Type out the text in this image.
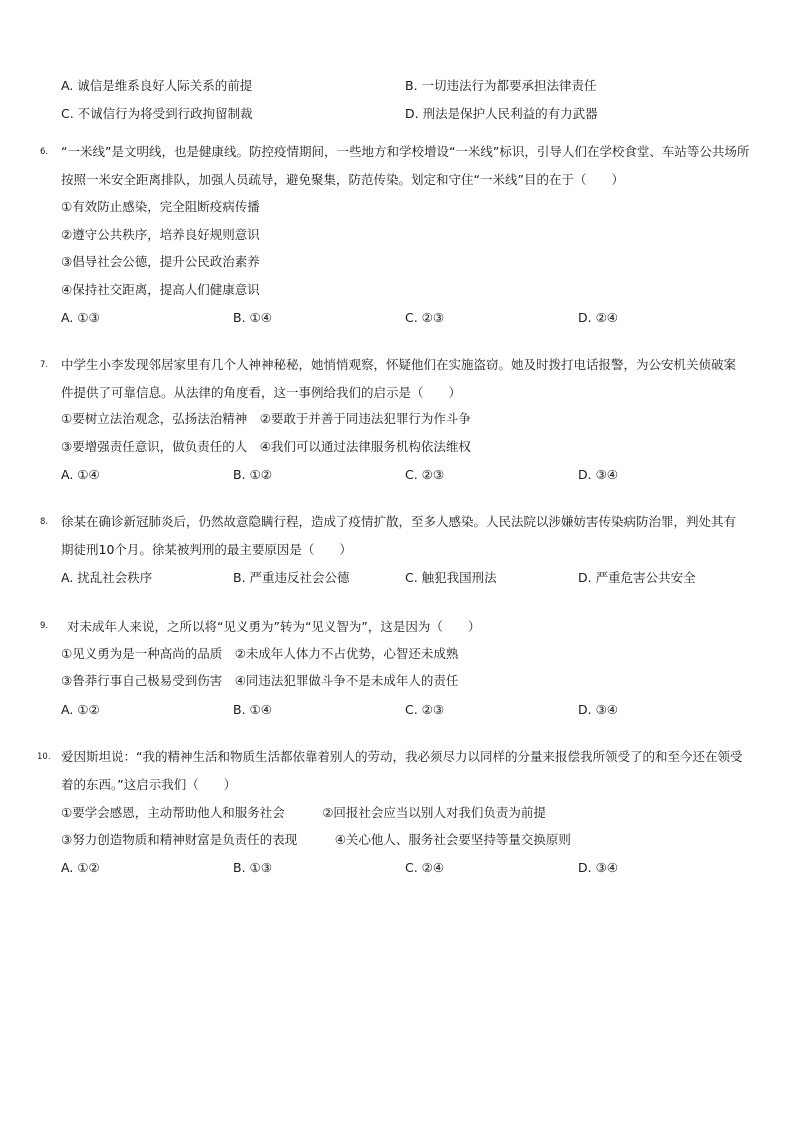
A. 诚信是维系良好人际关系的前提	B. 一切违法行为都要承担法律责任
C. 不诚信行为将受到行政拘留制裁	D. 刑法是保护人民利益的有力武器
6. “一米线”是文明线，也是健康线。防控疫情期间，一些地方和学校增设“一米线”标识，引导人们在学校食堂、车站等公共场所
按照一米安全距离排队，加强人员疏导，避免聚集，防范传染。划定和守住“一米线”目的在于（　　）
①有效防止感染，完全阻断疫病传播
②遵守公共秩序，培养良好规则意识
③倡导社会公德，提升公民政治素养
④保持社交距离，提高人们健康意识
A. ①③	B. ①④	C. ②③	D. ②④
7. 中学生小李发现邻居家里有几个人神神秘秘，她悄悄观察，怀疑他们在实施盗窃。她及时拨打电话报警，为公安机关侦破案
件提供了可靠信息。从法律的角度看，这一事例给我们的启示是（　　）
①要树立法治观念，弘扬法治精神　②要敢于并善于同违法犯罪行为作斗争
③要增强责任意识，做负责任的人　④我们可以通过法律服务机构依法维权
A. ①④	B. ①②	C. ②③	D. ③④
8. 徐某在确诊新冠肺炎后，仍然故意隐瞒行程，造成了疫情扩散，至多人感染。人民法院以涉嫌妨害传染病防治罪，判处其有
期徒刑10个月。徐某被判刑的最主要原因是（　　）
A. 扰乱社会秩序	B. 严重违反社会公德	C. 触犯我国刑法	D. 严重危害公共安全
9. 对未成年人来说，之所以将“见义勇为”转为“见义智为”，这是因为（　　）
①见义勇为是一种高尚的品质　②未成年人体力不占优势，心智还未成熟
③鲁莽行事自己极易受到伤害　④同违法犯罪做斗争不是未成年人的责任
A. ①②	B. ①④	C. ②③	D. ③④
10. 爱因斯坦说：“我的精神生活和物质生活都依靠着别人的劳动，我必须尽力以同样的分量来报偿我所领受了的和至今还在领受
着的东西。”这启示我们（　　）
①要学会感恩，主动帮助他人和服务社会　　　②回报社会应当以别人对我们负责为前提
③努力创造物质和精神财富是负责任的表现　　　④关心他人、服务社会要坚持等量交换原则
A. ①②	B. ①③	C. ②④	D. ③④
